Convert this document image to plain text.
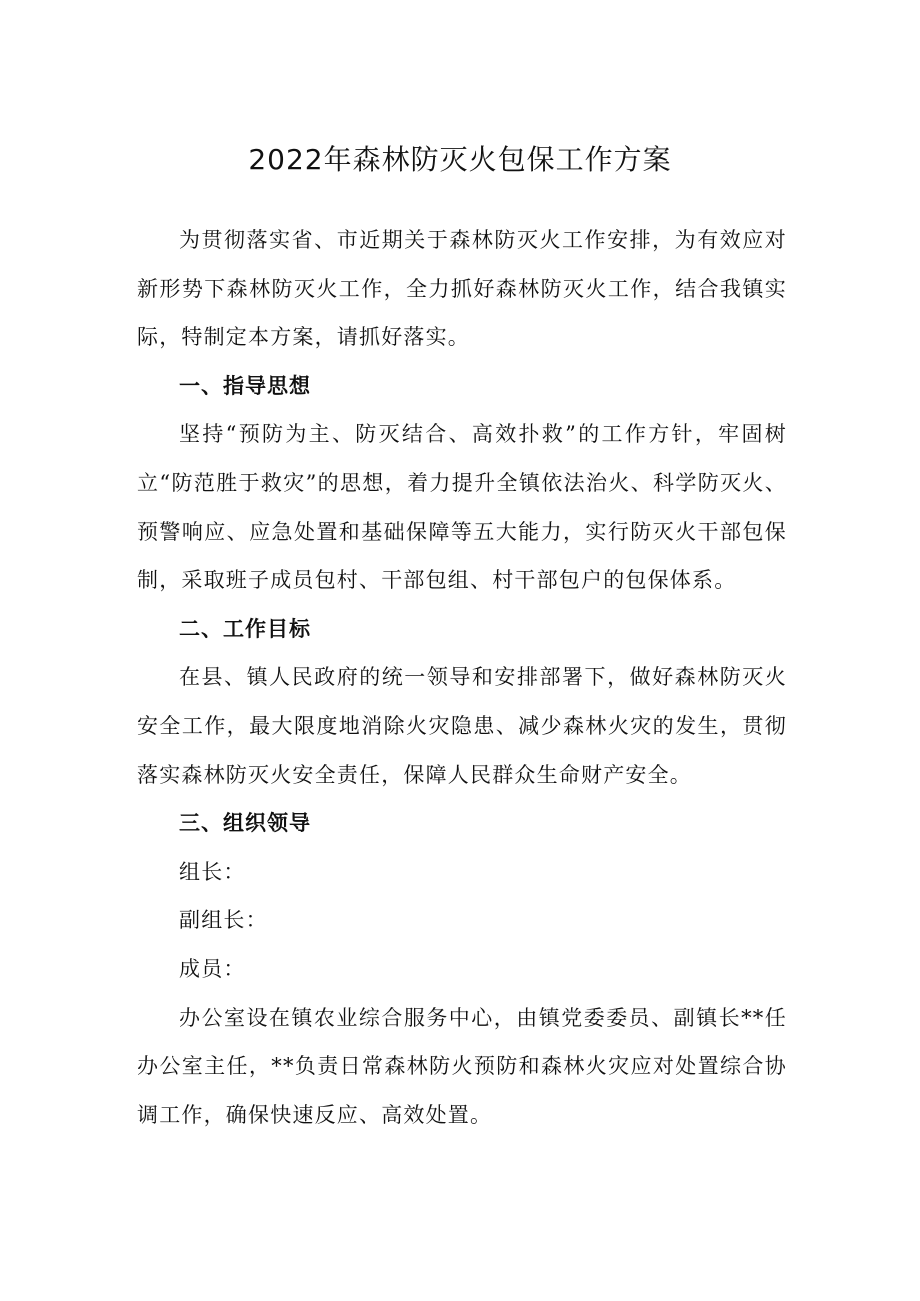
2022年森林防灭火包保工作方案

为贯彻落实省、市近期关于森林防灭火工作安排，为有效应对新形势下森林防灭火工作，全力抓好森林防灭火工作，结合我镇实际，特制定本方案，请抓好落实。

一、指导思想

坚持“预防为主、防灭结合、高效扑救”的工作方针，牢固树立“防范胜于救灾”的思想，着力提升全镇依法治火、科学防灭火、预警响应、应急处置和基础保障等五大能力，实行防灭火干部包保制，采取班子成员包村、干部包组、村干部包户的包保体系。

二、工作目标

在县、镇人民政府的统一领导和安排部署下，做好森林防灭火安全工作，最大限度地消除火灾隐患、减少森林火灾的发生，贯彻落实森林防灭火安全责任，保障人民群众生命财产安全。

三、组织领导

组长：

副组长：

成员：

办公室设在镇农业综合服务中心，由镇党委委员、副镇长**任办公室主任，**负责日常森林防火预防和森林火灾应对处置综合协调工作，确保快速反应、高效处置。
